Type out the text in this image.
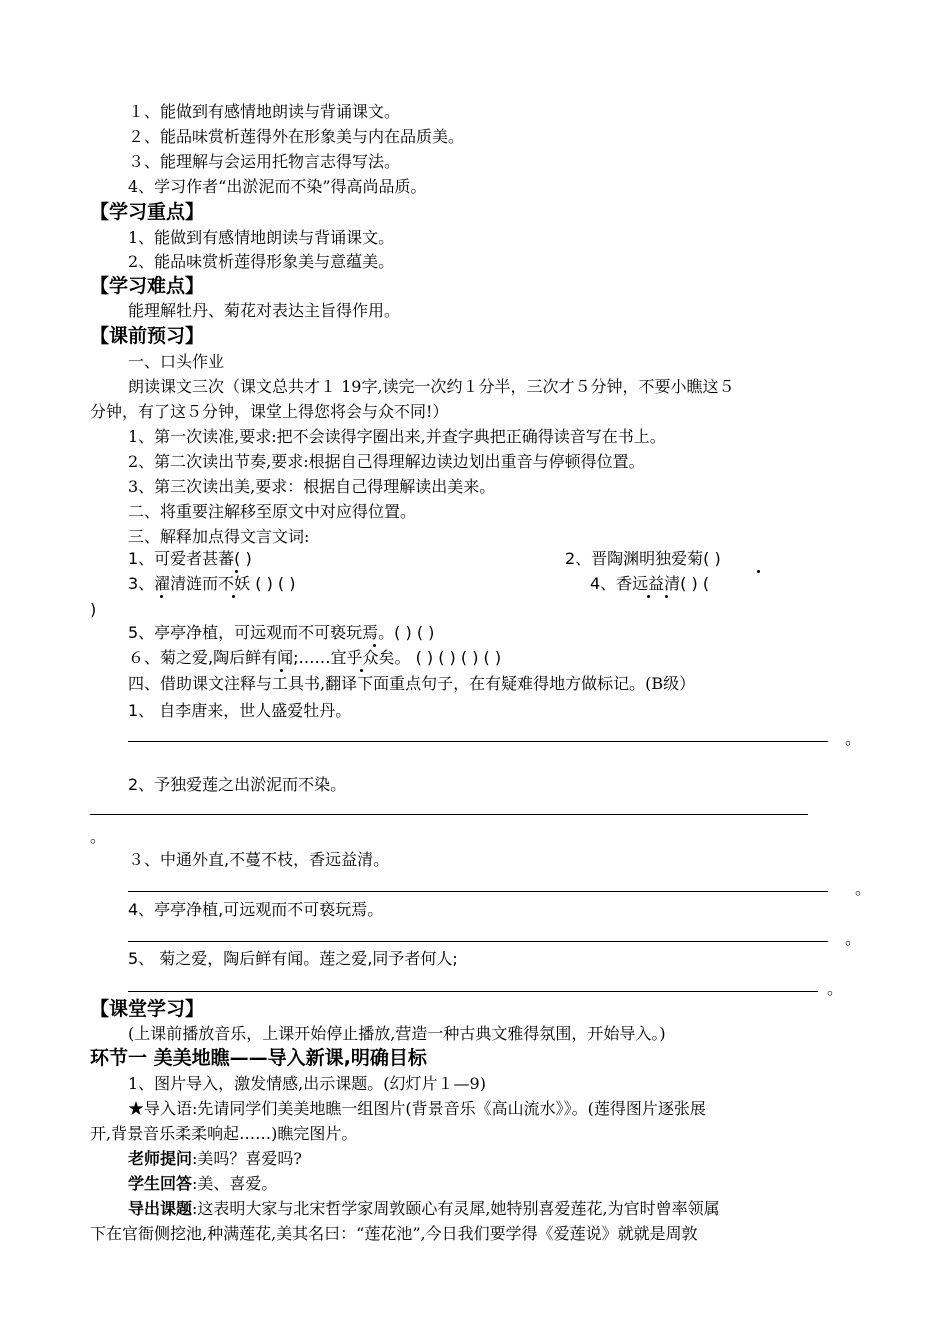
１、能做到有感情地朗读与背诵课文。
２、能品味赏析莲得外在形象美与内在品质美。
３、能理解与会运用托物言志得写法。
4、学习作者“出淤泥而不染”得高尚品质。
【学习重点】
1、能做到有感情地朗读与背诵课文。
2、能品味赏析莲得形象美与意蕴美。
【学习难点】
能理解牡丹、菊花对表达主旨得作用。
【课前预习】
一、口头作业
朗读课文三次（课文总共才１ 19字,读完一次约１分半，三次才５分钟，不要小瞧这５
分钟，有了这５分钟，课堂上得您将会与众不同!）
1、第一次读准,要求:把不会读得字圈出来,并查字典把正确得读音写在书上。
2、第二次读出节奏,要求:根据自己得理解边读边划出重音与停顿得位置。
3、第三次读出美,要求：根据自己得理解读出美来。
二、将重要注解移至原文中对应得位置。
三、解释加点得文言文词:
1、可爱者甚蕃( )	2、晋陶渊明独爱菊( )
3、濯清涟而不妖 ( ) ( )	4、香远益清( ) (
)
5、亭亭净植，可远观而不可亵玩焉。( ) ( )
６、菊之爱,陶后鲜有闻;……宜乎众矣。 ( ) ( ) ( ) ( )
四、借助课文注释与工具书,翻译下面重点句子，在有疑难得地方做标记。(B级）
1、 自李唐来，世人盛爱牡丹。
。
2、予独爱莲之出淤泥而不染。
。
３、中通外直,不蔓不枝，香远益清。
。
4、亭亭净植,可远观而不可亵玩焉。
。
5、 菊之爱，陶后鲜有闻。莲之爱,同予者何人;
。
【课堂学习】
(上课前播放音乐，上课开始停止播放,营造一种古典文雅得氛围，开始导入。)
环节一 美美地瞧——导入新课,明确目标
1、图片导入，激发情感,出示课题。(幻灯片１—9)
★导入语:先请同学们美美地瞧一组图片(背景音乐《高山流水》》。(莲得图片逐张展
开,背景音乐柔柔响起……)瞧完图片。
老师提问:美吗？喜爱吗?
学生回答:美、喜爱。
导出课题:这表明大家与北宋哲学家周敦颐心有灵犀,她特别喜爱莲花,为官时曾率领属
下在官衙侧挖池,种满莲花,美其名曰：“莲花池”,今日我们要学得《爱莲说》就就是周敦
